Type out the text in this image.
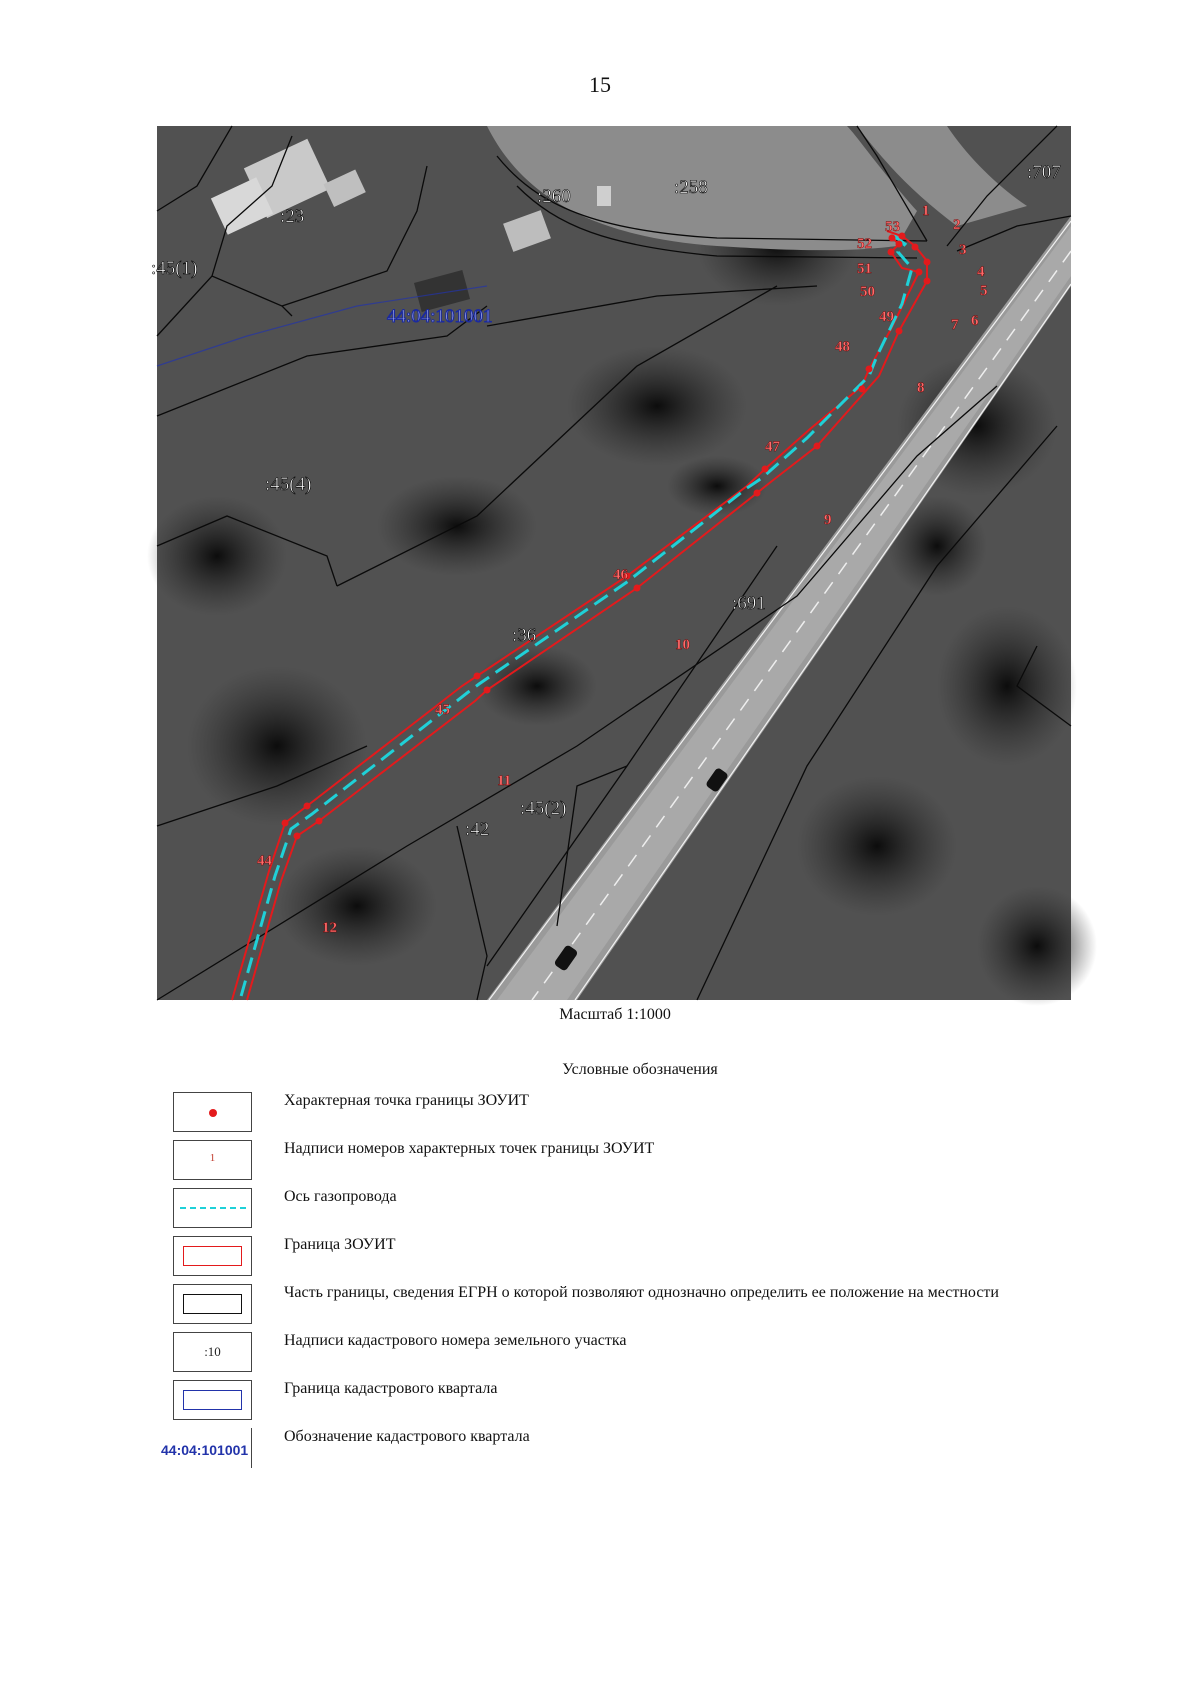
15
:707
:258
:260
:23
:45(1)
:45(4)
:36
:691
:45(2)
:42
44:04:101001
1
2
3
4
5
6
7
8
9
10
11
12
44
45
46
47
48
49
50
51
52
53
Масштаб 1:1000
Условные обозначения
Характерная точка границы ЗОУИТ
1
Надписи номеров характерных точек границы ЗОУИТ
Ось газопровода
Граница ЗОУИТ
Часть границы, сведения ЕГРН о которой позволяют однозначно определить ее положение на местности
:10
Надписи кадастрового номера земельного участка
Граница кадастрового квартала
44:04:101001
Обозначение кадастрового квартала
